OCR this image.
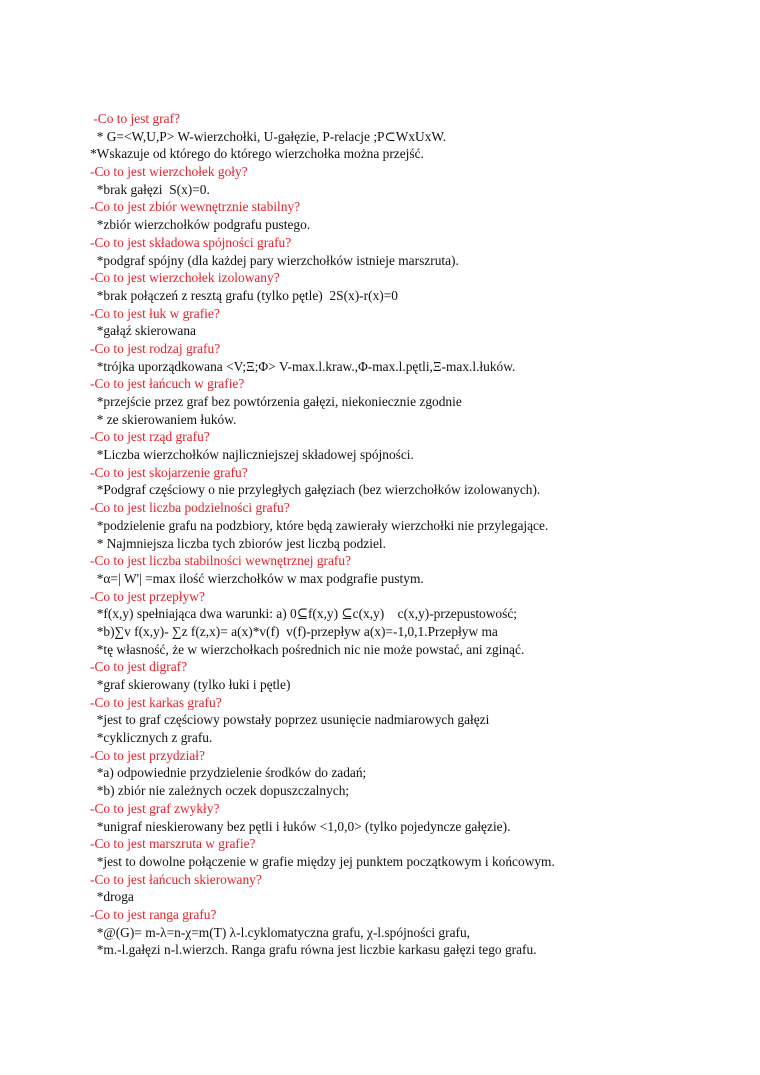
-Co to jest graf?
* G=<W,U,P> W-wierzchołki, U-gałęzie, P-relacje ;P⊂WxUxW.
*Wskazuje od którego do którego wierzchołka można przejść.
-Co to jest wierzchołek goły?
*brak gałęzi  S(x)=0.
-Co to jest zbiór wewnętrznie stabilny?
*zbiór wierzchołków podgrafu pustego.
-Co to jest składowa spójności grafu?
*podgraf spójny (dla każdej pary wierzchołków istnieje marszruta).
-Co to jest wierzchołek izolowany?
*brak połączeń z resztą grafu (tylko pętle)  2S(x)-r(x)=0
-Co to jest łuk w grafie?
*gałąź skierowana
-Co to jest rodzaj grafu?
*trójka uporządkowana <V;Ξ;Φ> V-max.l.kraw.,Φ-max.l.pętli,Ξ-max.l.łuków.
-Co to jest łańcuch w grafie?
*przejście przez graf bez powtórzenia gałęzi, niekoniecznie zgodnie
* ze skierowaniem łuków.
-Co to jest rząd grafu?
*Liczba wierzchołków najliczniejszej składowej spójności.
-Co to jest skojarzenie grafu?
*Podgraf częściowy o nie przyległych gałęziach (bez wierzchołków izolowanych).
-Co to jest liczba podzielności grafu?
*podzielenie grafu na podzbiory, które będą zawierały wierzchołki nie przylegające.
* Najmniejsza liczba tych zbiorów jest liczbą podziel.
-Co to jest liczba stabilności wewnętrznej grafu?
*α=| W'| =max ilość wierzchołków w max podgrafie pustym.
-Co to jest przepływ?
*f(x,y) spełniająca dwa warunki: a) 0⊆f(x,y) ⊆c(x,y)    c(x,y)-przepustowość;
*b)∑v f(x,y)- ∑z f(z,x)= a(x)*v(f)  v(f)-przepływ a(x)=-1,0,1.Przepływ ma
*tę własność, że w wierzchołkach pośrednich nic nie może powstać, ani zginąć.
-Co to jest digraf?
*graf skierowany (tylko łuki i pętle)
-Co to jest karkas grafu?
*jest to graf częściowy powstały poprzez usunięcie nadmiarowych gałęzi
*cyklicznych z grafu.
-Co to jest przydział?
*a) odpowiednie przydzielenie środków do zadań;
*b) zbiór nie zależnych oczek dopuszczalnych;
-Co to jest graf zwykły?
*unigraf nieskierowany bez pętli i łuków <1,0,0> (tylko pojedyncze gałęzie).
-Co to jest marszruta w grafie?
*jest to dowolne połączenie w grafie między jej punktem początkowym i końcowym.
-Co to jest łańcuch skierowany?
*droga
-Co to jest ranga grafu?
*@(G)= m-λ=n-χ=m(T) λ-l.cyklomatyczna grafu, χ-l.spójności grafu,
*m.-l.gałęzi n-l.wierzch. Ranga grafu równa jest liczbie karkasu gałęzi tego grafu.
